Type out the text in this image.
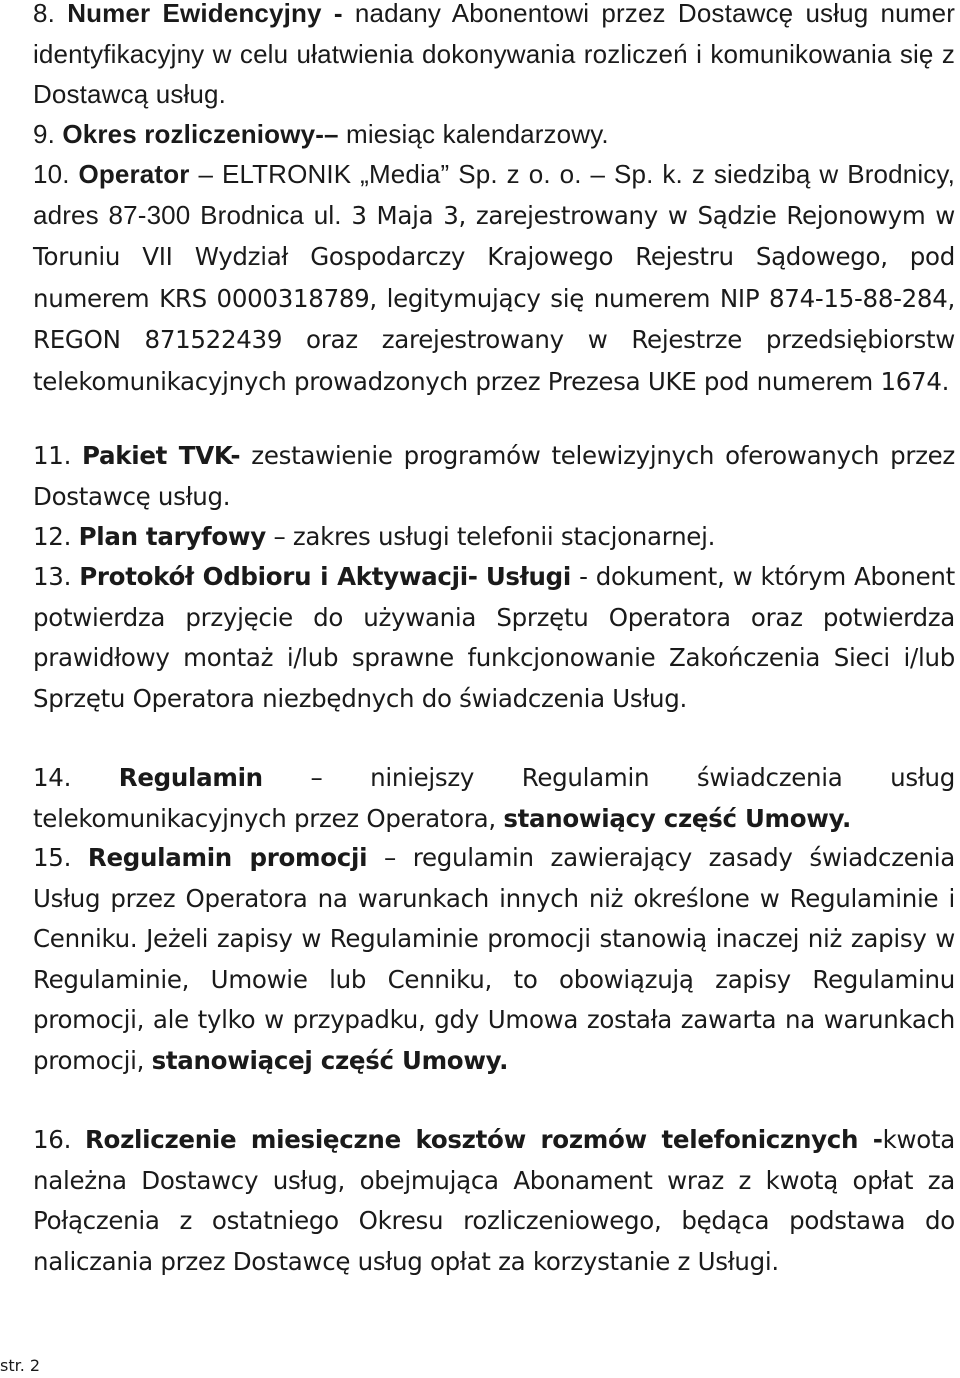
8. Numer Ewidencyjny - nadany Abonentowi przez Dostawcę usług numer identyfikacyjny w celu ułatwienia dokonywania rozliczeń i komunikowania się z Dostawcą usług.
9. Okres rozliczeniowy-– miesiąc kalendarzowy.
10. Operator – ELTRONIK „Media” Sp. z o. o. – Sp. k. z siedzibą w Brodnicy, adres 87-300 Brodnica ul. 3 Maja 3, zarejestrowany w Sądzie Rejonowym w Toruniu VII Wydział Gospodarczy Krajowego Rejestru Sądowego, pod numerem KRS 0000318789, legitymujący się numerem NIP 874-15-88-284, REGON 871522439 oraz zarejestrowany w Rejestrze przedsiębiorstw telekomunikacyjnych prowadzonych przez Prezesa UKE pod numerem 1674.
11. Pakiet TVK- zestawienie programów telewizyjnych oferowanych przez Dostawcę usług.
12. Plan taryfowy – zakres usługi telefonii stacjonarnej.
13. Protokół Odbioru i Aktywacji- Usługi - dokument, w którym Abonent potwierdza przyjęcie do używania Sprzętu Operatora oraz potwierdza prawidłowy montaż i/lub sprawne funkcjonowanie Zakończenia Sieci i/lub Sprzętu Operatora niezbędnych do świadczenia Usług.
14. Regulamin – niniejszy Regulamin świadczenia usług telekomunikacyjnych przez Operatora, stanowiący część Umowy.
15. Regulamin promocji – regulamin zawierający zasady świadczenia Usług przez Operatora na warunkach innych niż określone w Regulaminie i Cenniku. Jeżeli zapisy w Regulaminie promocji stanowią inaczej niż zapisy w Regulaminie, Umowie lub Cenniku, to obowiązują zapisy Regulaminu promocji, ale tylko w przypadku, gdy Umowa została zawarta na warunkach promocji, stanowiącej część Umowy.
16. Rozliczenie miesięczne kosztów rozmów telefonicznych -kwota należna Dostawcy usług, obejmująca Abonament wraz z kwotą opłat za Połączenia z ostatniego Okresu rozliczeniowego, będąca podstawa do naliczania przez Dostawcę usług opłat za korzystanie z Usługi.
str. 2
